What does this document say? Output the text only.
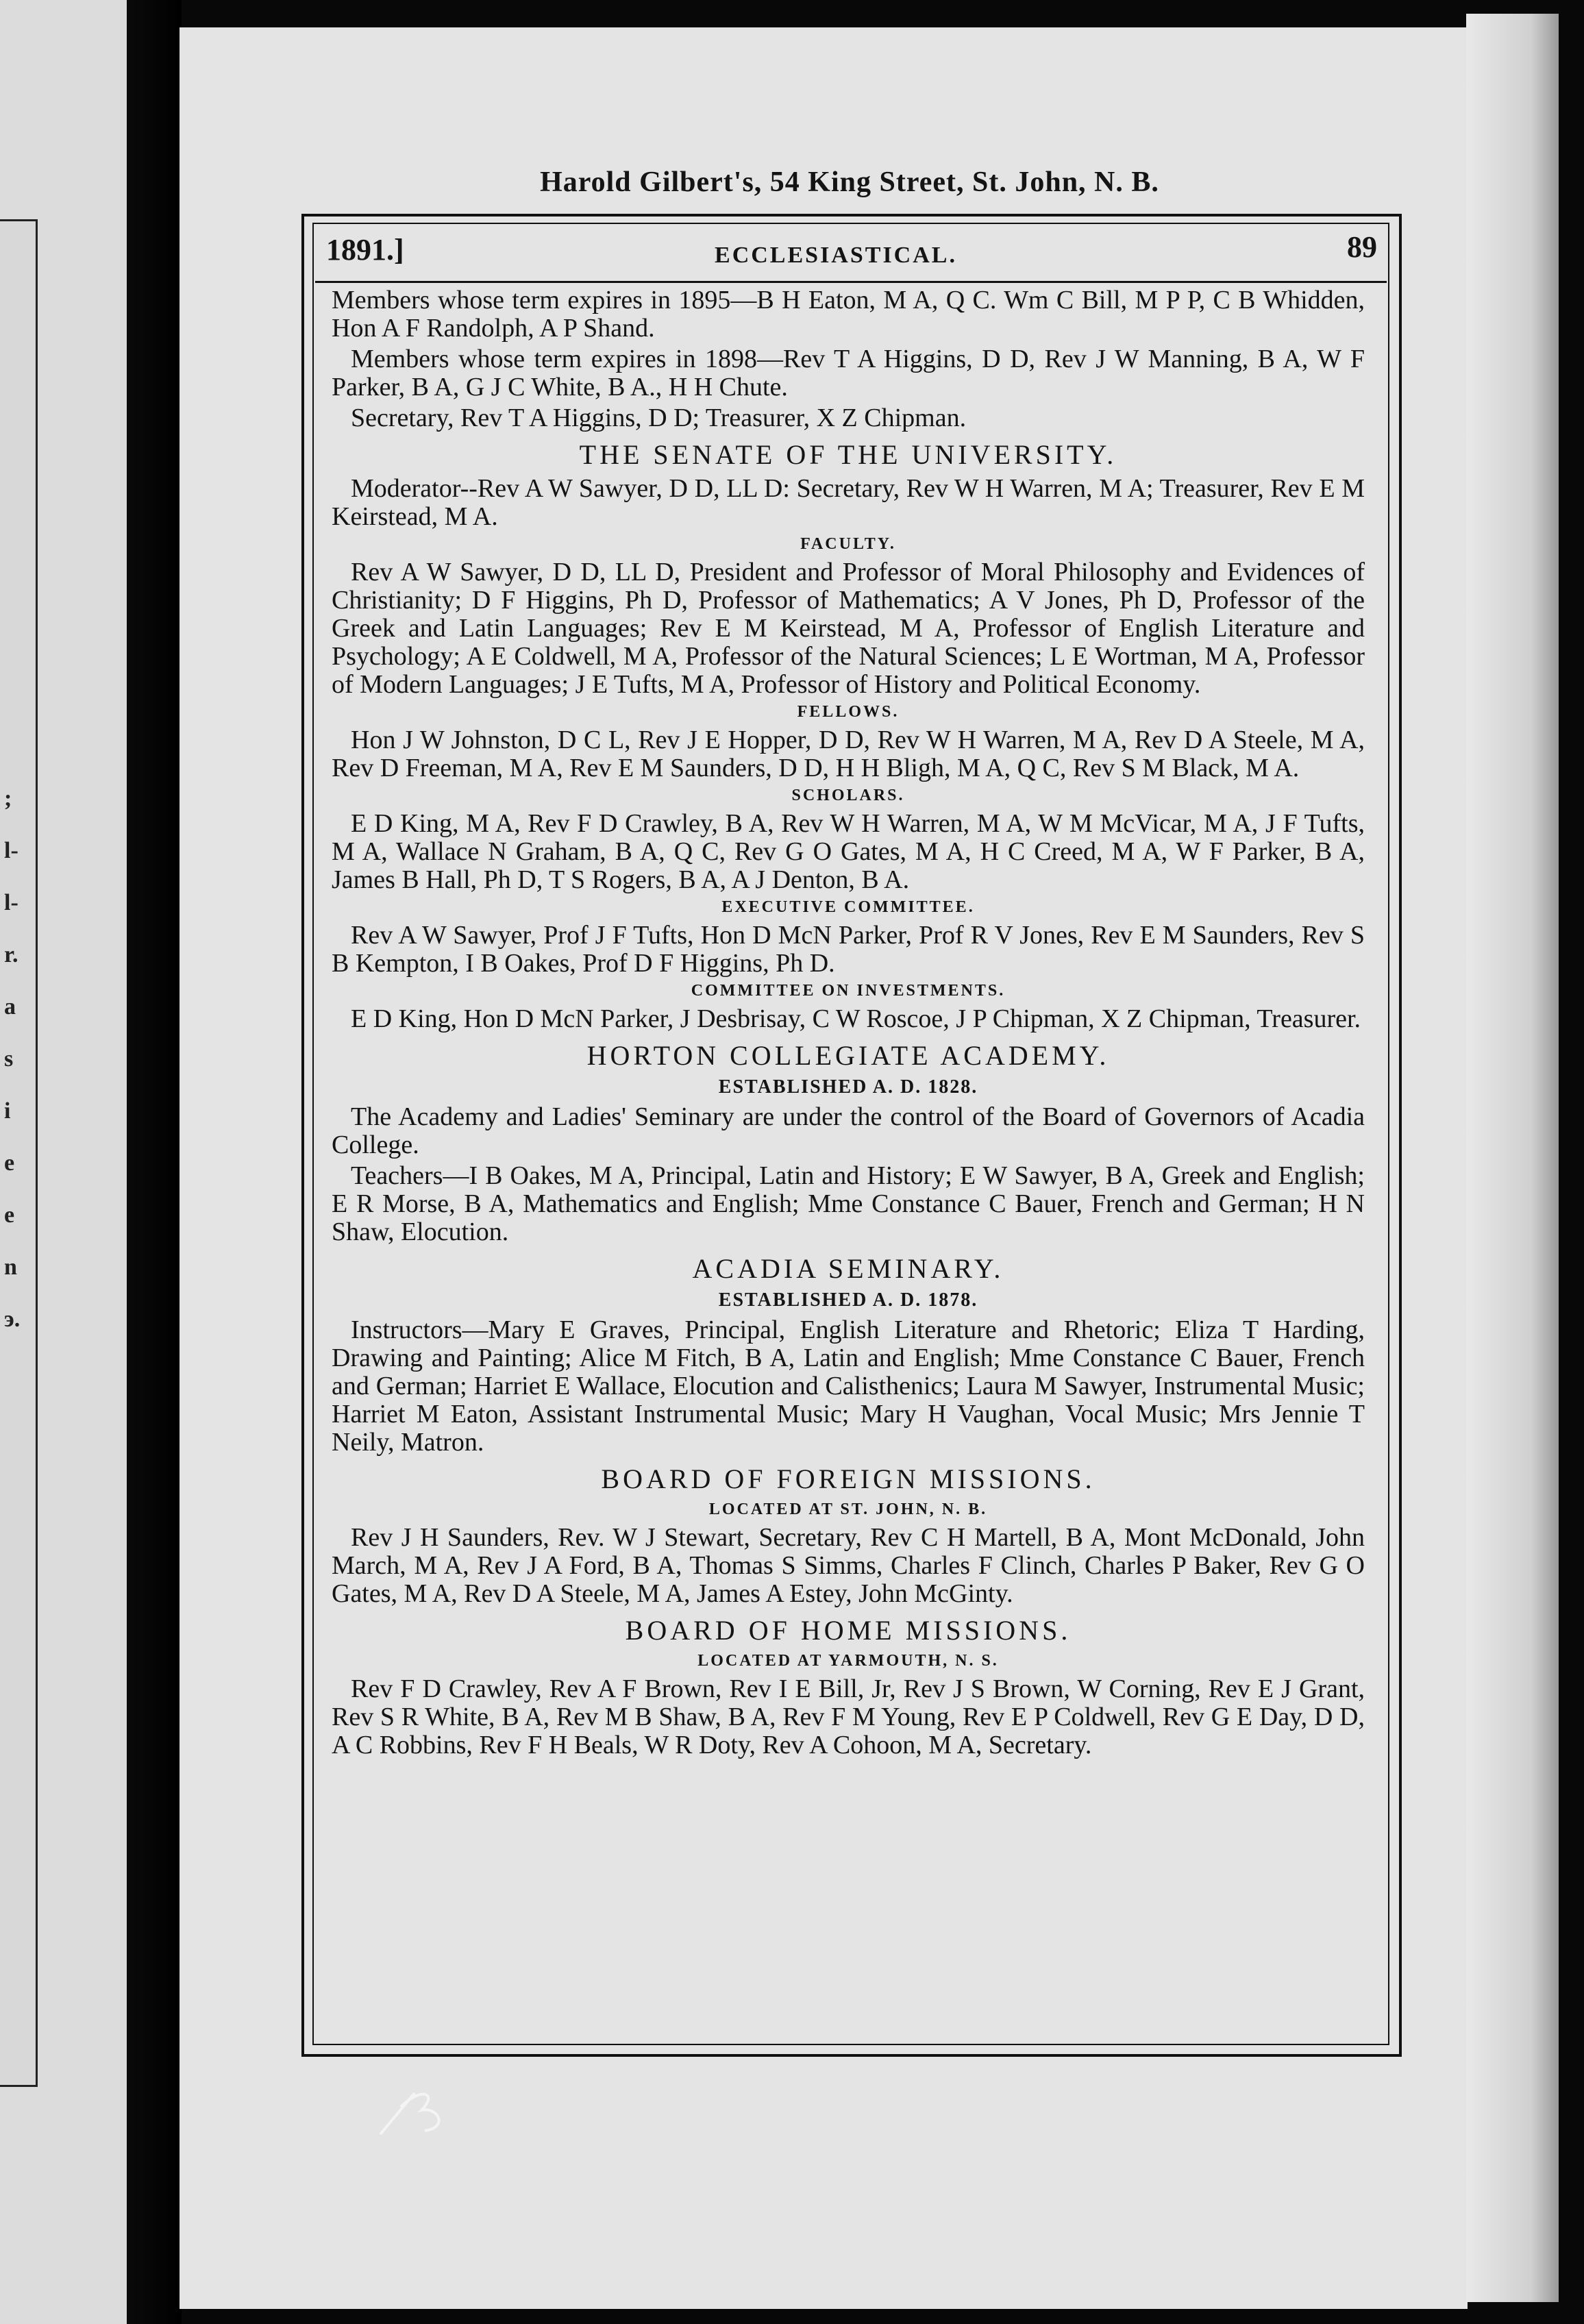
;
l-
l-
r.
a
s
i
e
e
n
э.
Harold Gilbert's, 54 King Street, St. John, N. B.
1891.]	ECCLESIASTICAL.	89

Members whose term expires in 1895—B H Eaton, M A, Q C. Wm C Bill, M P P, C B Whidden, Hon A F Randolph, A P Shand.

Members whose term expires in 1898—Rev T A Higgins, D D, Rev J W Manning, B A, W F Parker, B A, G J C White, B A., H H Chute.

Secretary, Rev T A Higgins, D D; Treasurer, X Z Chipman.

THE SENATE OF THE UNIVERSITY.

Moderator--Rev A W Sawyer, D D, LL D: Secretary, Rev W H Warren, M A; Treasurer, Rev E M Keirstead, M A.

FACULTY.

Rev A W Sawyer, D D, LL D, President and Professor of Moral Philosophy and Evidences of Christianity; D F Higgins, Ph D, Professor of Mathematics; A V Jones, Ph D, Professor of the Greek and Latin Languages; Rev E M Keirstead, M A, Professor of English Literature and Psychology; A E Coldwell, M A, Professor of the Natural Sciences; L E Wortman, M A, Professor of Modern Languages; J E Tufts, M A, Professor of History and Political Economy.

FELLOWS.

Hon J W Johnston, D C L, Rev J E Hopper, D D, Rev W H Warren, M A, Rev D A Steele, M A, Rev D Freeman, M A, Rev E M Saunders, D D, H H Bligh, M A, Q C, Rev S M Black, M A.

SCHOLARS.

E D King, M A, Rev F D Crawley, B A, Rev W H Warren, M A, W M McVicar, M A, J F Tufts, M A, Wallace N Graham, B A, Q C, Rev G O Gates, M A, H C Creed, M A, W F Parker, B A, James B Hall, Ph D, T S Rogers, B A, A J Denton, B A.

EXECUTIVE COMMITTEE.

Rev A W Sawyer, Prof J F Tufts, Hon D McN Parker, Prof R V Jones, Rev E M Saunders, Rev S B Kempton, I B Oakes, Prof D F Higgins, Ph D.

COMMITTEE ON INVESTMENTS.

E D King, Hon D McN Parker, J Desbrisay, C W Roscoe, J P Chipman, X Z Chipman, Treasurer.

HORTON COLLEGIATE ACADEMY.
ESTABLISHED A. D. 1828.

The Academy and Ladies' Seminary are under the control of the Board of Governors of Acadia College.

Teachers—I B Oakes, M A, Principal, Latin and History; E W Sawyer, B A, Greek and English; E R Morse, B A, Mathematics and English; Mme Constance C Bauer, French and German; H N Shaw, Elocution.

ACADIA SEMINARY.
ESTABLISHED A. D. 1878.

Instructors—Mary E Graves, Principal, English Literature and Rhetoric; Eliza T Harding, Drawing and Painting; Alice M Fitch, B A, Latin and English; Mme Constance C Bauer, French and German; Harriet E Wallace, Elocution and Calisthenics; Laura M Sawyer, Instrumental Music; Harriet M Eaton, Assistant Instrumental Music; Mary H Vaughan, Vocal Music; Mrs Jennie T Neily, Matron.

BOARD OF FOREIGN MISSIONS.
LOCATED AT ST. JOHN, N. B.

Rev J H Saunders, Rev. W J Stewart, Secretary, Rev C H Martell, B A, Mont McDonald, John March, M A, Rev J A Ford, B A, Thomas S Simms, Charles F Clinch, Charles P Baker, Rev G O Gates, M A, Rev D A Steele, M A, James A Estey, John McGinty.

BOARD OF HOME MISSIONS.
LOCATED AT YARMOUTH, N. S.

Rev F D Crawley, Rev A F Brown, Rev I E Bill, Jr, Rev J S Brown, W Corning, Rev E J Grant, Rev S R White, B A, Rev M B Shaw, B A, Rev F M Young, Rev E P Coldwell, Rev G E Day, D D, A C Robbins, Rev F H Beals, W R Doty, Rev A Cohoon, M A, Secretary.
